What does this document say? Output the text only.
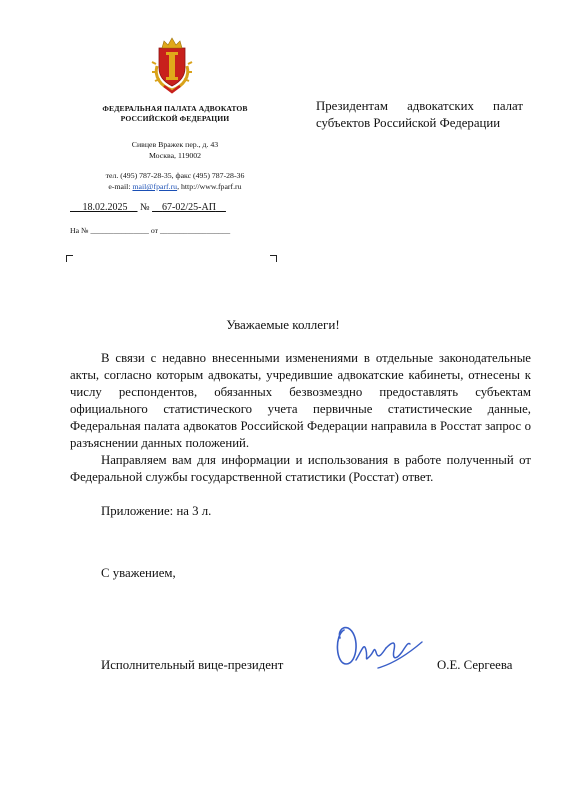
ФЕДЕРАЛЬНАЯ ПАЛАТА АДВОКАТОВ
РОССИЙСКОЙ ФЕДЕРАЦИИ
Сивцев Вражек пер., д. 43
Москва, 119002
тел. (495) 787-28-35, факс (495) 787-28-36
e-mail: mail@fparf.ru, http://www.fparf.ru
18.02.2025 № 67-02/25-АП
На № _______________ от __________________
Президентам адвокатских палат субъектов Российской Федерации
Уважаемые коллеги!

В связи с недавно внесенными изменениями в отдельные законодательные акты, согласно которым адвокаты, учредившие адвокатские кабинеты, отнесены к числу респондентов, обязанных безвозмездно предоставлять субъектам официального статистического учета первичные статистические данные, Федеральная палата адвокатов Российской Федерации направила в Росстат запрос о разъяснении данных положений.

Направляем вам для информации и использования в работе полученный от Федеральной службы государственной статистики (Росстат) ответ.

Приложение: на 3 л.
С уважением,
Исполнительный вице-президент	О.Е. Сергеева
